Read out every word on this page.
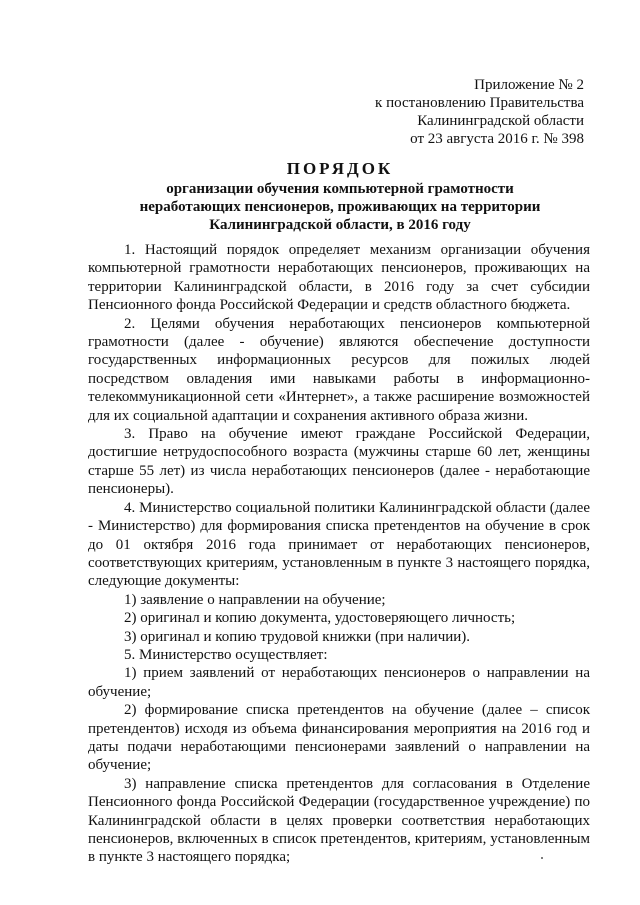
Приложение № 2
к постановлению Правительства
Калининградской области
от 23 августа 2016 г. № 398
ПОРЯДОК
организации обучения компьютерной грамотности
неработающих пенсионеров, проживающих на территории
Калининградской области, в 2016 году

1. Настоящий порядок определяет механизм организации обучения компьютерной грамотности неработающих пенсионеров, проживающих на территории Калининградской области, в 2016 году за счет субсидии Пенсионного фонда Российской Федерации и средств областного бюджета.

2. Целями обучения неработающих пенсионеров компьютерной грамотности (далее - обучение) являются обеспечение доступности государственных информационных ресурсов для пожилых людей посредством овладения ими навыками работы в информационно-телекоммуникационной сети «Интернет», а также расширение возможностей для их социальной адаптации и сохранения активного образа жизни.

3. Право на обучение имеют граждане Российской Федерации, достигшие нетрудоспособного возраста (мужчины старше 60 лет, женщины старше 55 лет) из числа неработающих пенсионеров (далее - неработающие пенсионеры).

4. Министерство социальной политики Калининградской области (далее - Министерство) для формирования списка претендентов на обучение в срок до 01 октября 2016 года принимает от неработающих пенсионеров, соответствующих критериям, установленным в пункте 3 настоящего порядка, следующие документы:

1) заявление о направлении на обучение;

2) оригинал и копию документа, удостоверяющего личность;

3) оригинал и копию трудовой книжки (при наличии).

5. Министерство осуществляет:

1) прием заявлений от неработающих пенсионеров о направлении на обучение;

2) формирование списка претендентов на обучение (далее – список претендентов) исходя из объема финансирования мероприятия на 2016 год и даты подачи неработающими пенсионерами заявлений о направлении на обучение;

3) направление списка претендентов для согласования в Отделение Пенсионного фонда Российской Федерации (государственное учреждение) по Калининградской области в целях проверки соответствия неработающих пенсионеров, включенных в список претендентов, критериям, установленным в пункте 3 настоящего порядка;
